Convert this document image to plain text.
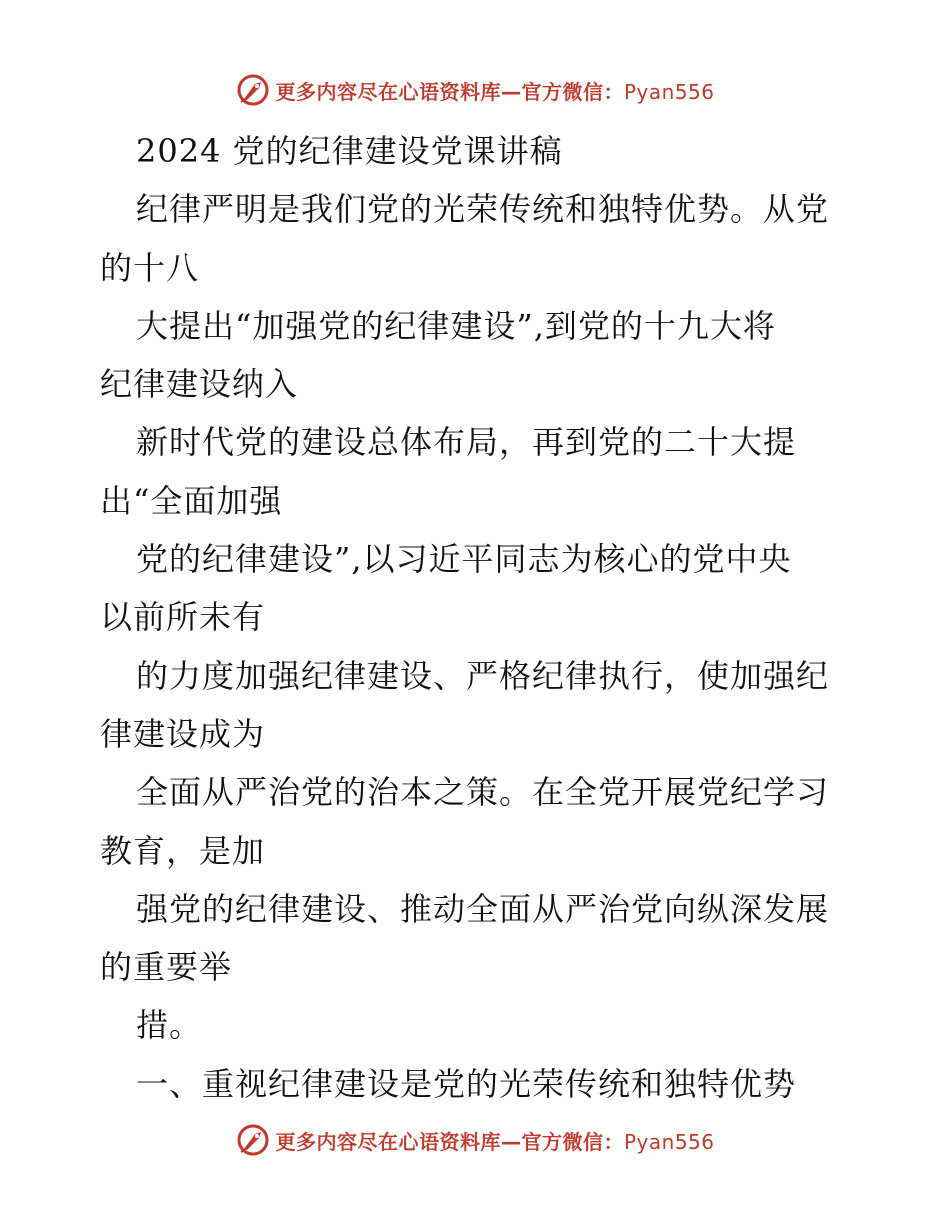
更多内容尽在心语资料库—官方微信：Pyan556
2024 党的纪律建设党课讲稿
纪律严明是我们党的光荣传统和独特优势。从党
的十八
大提出“加强党的纪律建设”,到党的十九大将
纪律建设纳入
新时代党的建设总体布局，再到党的二十大提
出“全面加强
党的纪律建设”,以习近平同志为核心的党中央
以前所未有
的力度加强纪律建设、严格纪律执行，使加强纪
律建设成为
全面从严治党的治本之策。在全党开展党纪学习
教育，是加
强党的纪律建设、推动全面从严治党向纵深发展
的重要举
措。
一、重视纪律建设是党的光荣传统和独特优势
更多内容尽在心语资料库—官方微信：Pyan556
